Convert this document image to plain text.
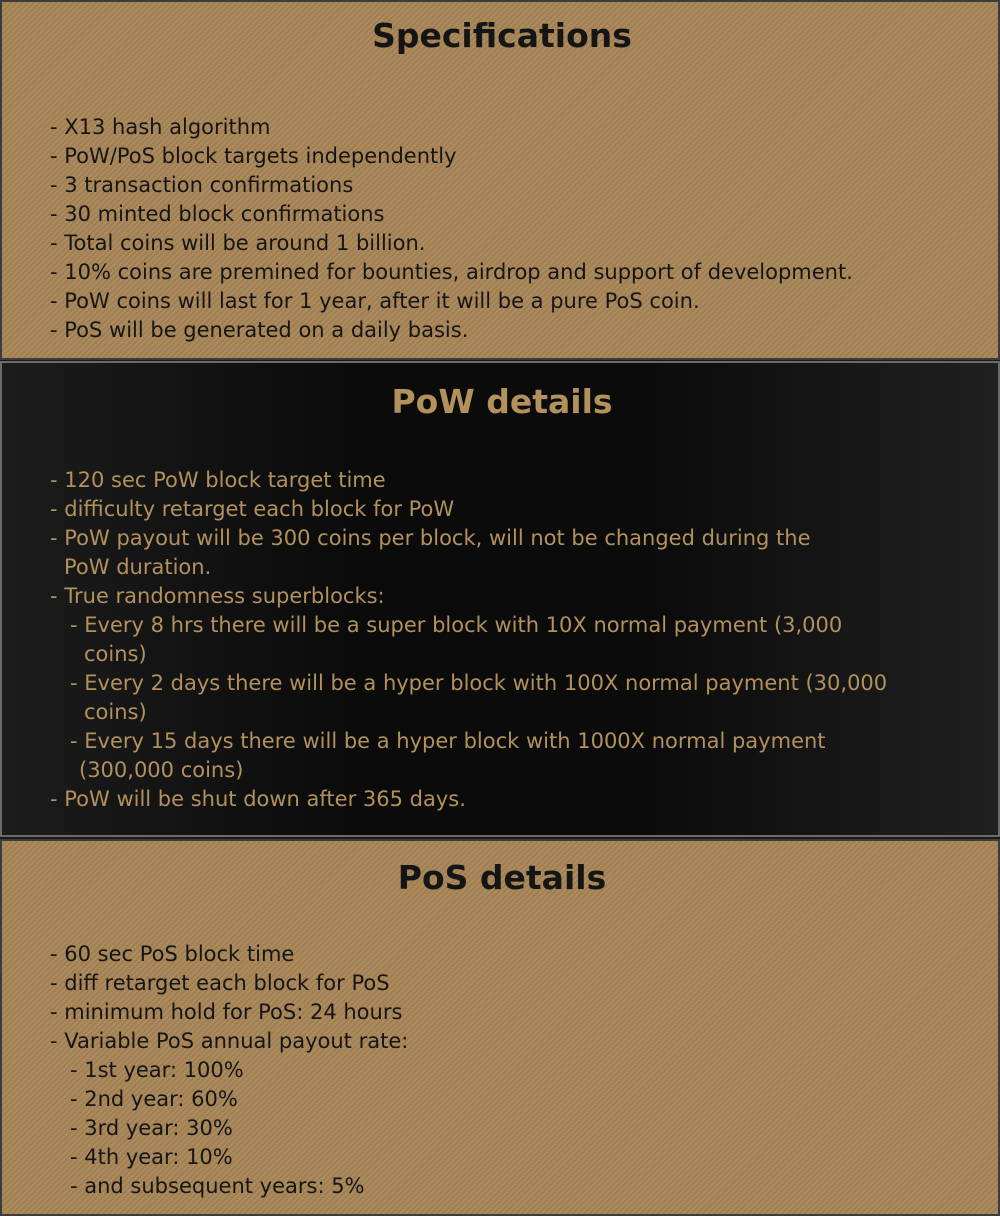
Specifications
- X13 hash algorithm
- PoW/PoS block targets independently
- 3 transaction confirmations
- 30 minted block confirmations
- Total coins will be around 1 billion.
- 10% coins are premined for bounties, airdrop and support of development.
- PoW coins will last for 1 year, after it will be a pure PoS coin.
- PoS will be generated on a daily basis.
PoW details
- 120 sec PoW block target time
- difficulty retarget each block for PoW
- PoW payout will be 300 coins per block, will not be changed during the
PoW duration.
- True randomness superblocks:
- Every 8 hrs there will be a super block with 10X normal payment (3,000
coins)
- Every 2 days there will be a hyper block with 100X normal payment (30,000
coins)
- Every 15 days there will be a hyper block with 1000X normal payment
(300,000 coins)
- PoW will be shut down after 365 days.
PoS details
- 60 sec PoS block time
- diff retarget each block for PoS
- minimum hold for PoS: 24 hours
- Variable PoS annual payout rate:
- 1st year: 100%
- 2nd year: 60%
- 3rd year: 30%
- 4th year: 10%
- and subsequent years: 5%
